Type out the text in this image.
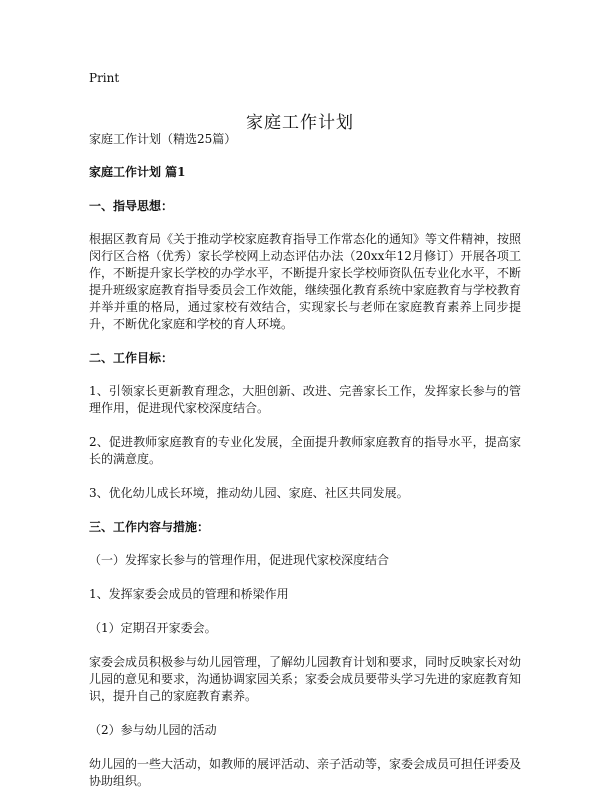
Print
家庭工作计划

家庭工作计划（精选25篇）

家庭工作计划 篇1

一、指导思想：

根据区教育局《关于推动学校家庭教育指导工作常态化的通知》等文件精神，按照闵行区合格（优秀）家长学校网上动态评估办法（20xx年12月修订）开展各项工作，不断提升家长学校的办学水平，不断提升家长学校师资队伍专业化水平，不断提升班级家庭教育指导委员会工作效能，继续强化教育系统中家庭教育与学校教育并举并重的格局，通过家校有效结合，实现家长与老师在家庭教育素养上同步提升，不断优化家庭和学校的育人环境。

二、工作目标：

1、引领家长更新教育理念，大胆创新、改进、完善家长工作，发挥家长参与的管理作用，促进现代家校深度结合。

2、促进教师家庭教育的专业化发展，全面提升教师家庭教育的指导水平，提高家长的满意度。

3、优化幼儿成长环境，推动幼儿园、家庭、社区共同发展。

三、工作内容与措施：

（一）发挥家长参与的管理作用，促进现代家校深度结合

1、发挥家委会成员的管理和桥梁作用

（1）定期召开家委会。

家委会成员积极参与幼儿园管理，了解幼儿园教育计划和要求，同时反映家长对幼儿园的意见和要求，沟通协调家园关系；家委会成员要带头学习先进的家庭教育知识，提升自己的家庭教育素养。

（2）参与幼儿园的活动

幼儿园的一些大活动，如教师的展评活动、亲子活动等，家委会成员可担任评委及协助组织。
